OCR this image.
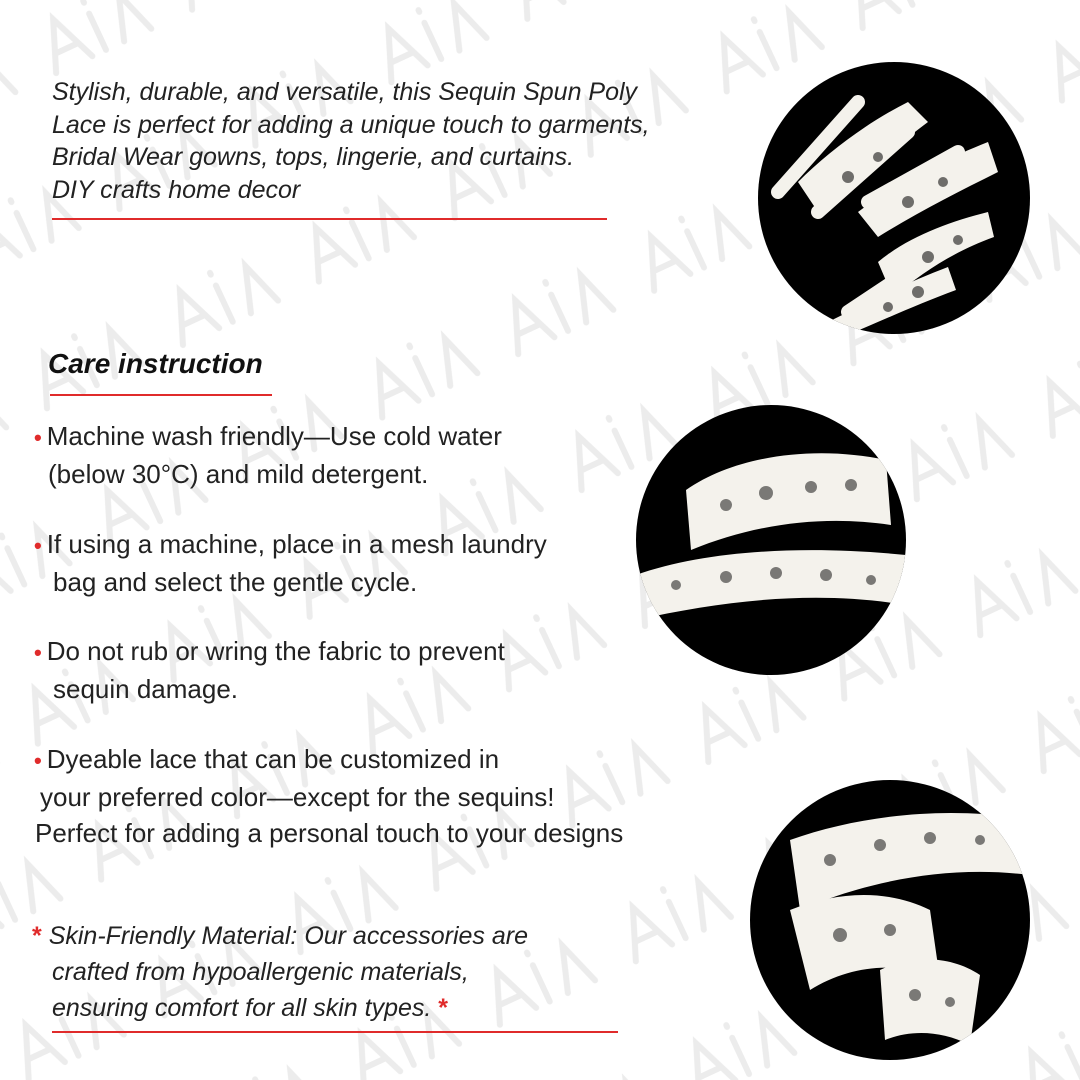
Stylish, durable, and versatile, this Sequin Spun Poly
Lace is perfect for adding a unique touch to garments,
Bridal Wear gowns, tops, lingerie, and curtains.
DIY crafts home decor
Care instruction
• Machine wash friendly—Use cold water
(below 30°C) and mild detergent.
• If using a machine, place in a mesh laundry
bag and select the gentle cycle.
• Do not rub or wring the fabric to prevent
sequin damage.
• Dyeable lace that can be customized in
your preferred color—except for the sequins!
Perfect for adding a personal touch to your designs
* Skin-Friendly Material: Our accessories are
crafted from hypoallergenic materials,
ensuring comfort for all skin types. *
